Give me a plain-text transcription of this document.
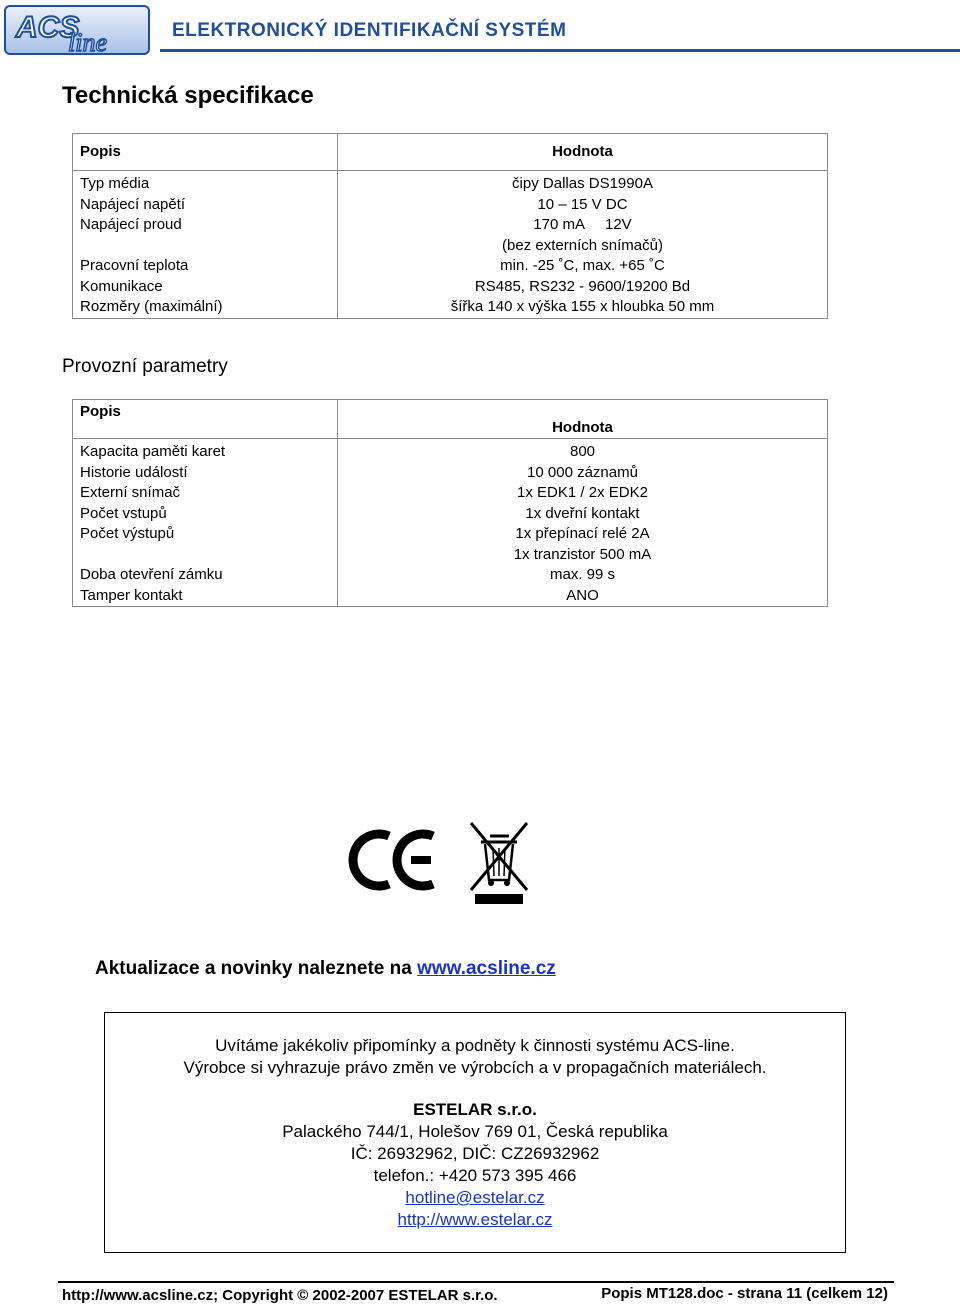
ACS
line	ELEKTRONICKÝ IDENTIFIKAČNÍ SYSTÉM
Technická specifikace
Popis	Hodnota
Typ média	čipy Dallas DS1990A
Napájecí napětí	10 – 15 V DC
Napájecí proud	170 mA     12V
	(bez externích snímačů)
Pracovní teplota	min. -25 ˚C, max. +65 ˚C
Komunikace	RS485, RS232 - 9600/19200 Bd
Rozměry (maximální)	šířka 140 x výška 155 x hloubka 50 mm
Provozní parametry
Popis	Hodnota
Kapacita paměti karet	800
Historie událostí	10 000 záznamů
Externí snímač	1x EDK1 / 2x EDK2
Počet vstupů	1x dveřní kontakt
Počet výstupů	1x přepínací relé 2A
	1x tranzistor 500 mA
Doba otevření zámku	max. 99 s
Tamper kontakt	ANO
Aktualizace a novinky naleznete na www.acsline.cz
Uvítáme jakékoliv připomínky a podněty k činnosti systému ACS-line.
Výrobce si vyhrazuje právo změn ve výrobcích a v propagačních materiálech.
ESTELAR s.r.o.
Palackého 744/1, Holešov 769 01, Česká republika
IČ: 26932962, DIČ: CZ26932962
telefon.: +420 573 395 466
hotline@estelar.cz
http://www.estelar.cz
http://www.acsline.cz; Copyright © 2002-2007 ESTELAR s.r.o.	Popis MT128.doc - strana 11 (celkem 12)
